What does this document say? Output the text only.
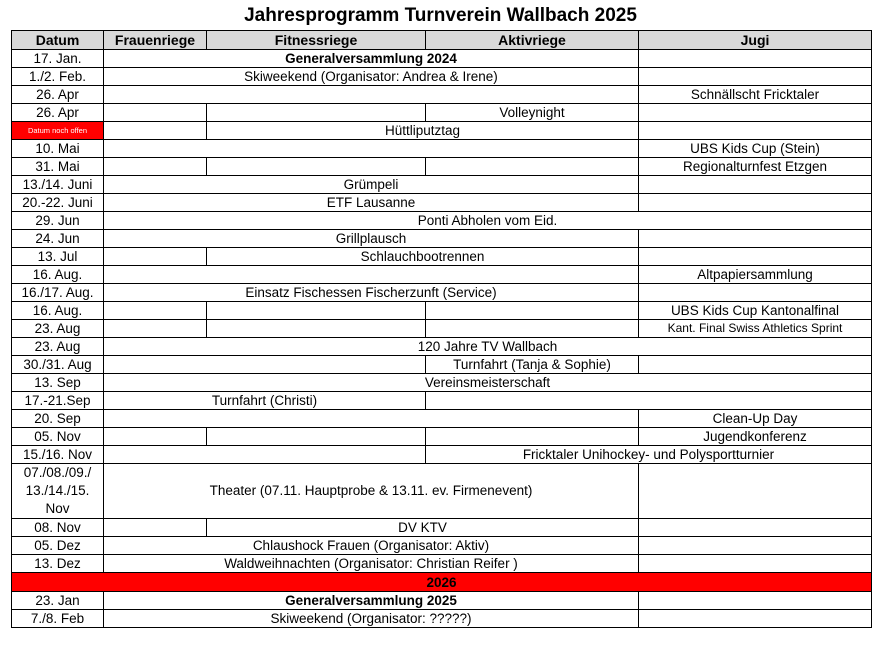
Jahresprogramm Turnverein Wallbach 2025
Datum	Frauenriege	Fitnessriege	Aktivriege	Jugi
17. Jan.	Generalversammlung 2024			
1./2. Feb.	Skiweekend (Organisator: Andrea & Irene)			
26. Apr				Schnällscht Fricktaler
26. Apr			Volleynight	
Datum noch offen		Hüttliputztag		
10. Mai				UBS Kids Cup (Stein)
31. Mai				Regionalturnfest Etzgen
13./14. Juni	Grümpeli			
20.-22. Juni	ETF Lausanne			
29. Jun	Ponti Abholen vom Eid.			
24. Jun	Grillplausch			
13. Jul		Schlauchbootrennen		
16. Aug.				Altpapiersammlung
16./17. Aug.	Einsatz Fischessen Fischerzunft (Service)			
16. Aug.				UBS Kids Cup Kantonalfinal
23. Aug				Kant. Final Swiss Athletics Sprint
23. Aug	120 Jahre TV Wallbach			
30./31. Aug			Turnfahrt (Tanja & Sophie)	
13. Sep	Vereinsmeisterschaft			
17.-21.Sep	Turnfahrt (Christi)			
20. Sep				Clean-Up Day
05. Nov				Jugendkonferenz
15./16. Nov			Fricktaler Unihockey- und Polysportturnier	
07./08./09./ 13./14./15. Nov	Theater (07.11. Hauptprobe & 13.11. ev. Firmenevent)			
08. Nov		DV KTV		
05. Dez	Chlaushock Frauen (Organisator: Aktiv)			
13. Dez	Waldweihnachten (Organisator: Christian Reifer )			
2026				
23. Jan	Generalversammlung 2025			
7./8. Feb	Skiweekend (Organisator: ?????)			
